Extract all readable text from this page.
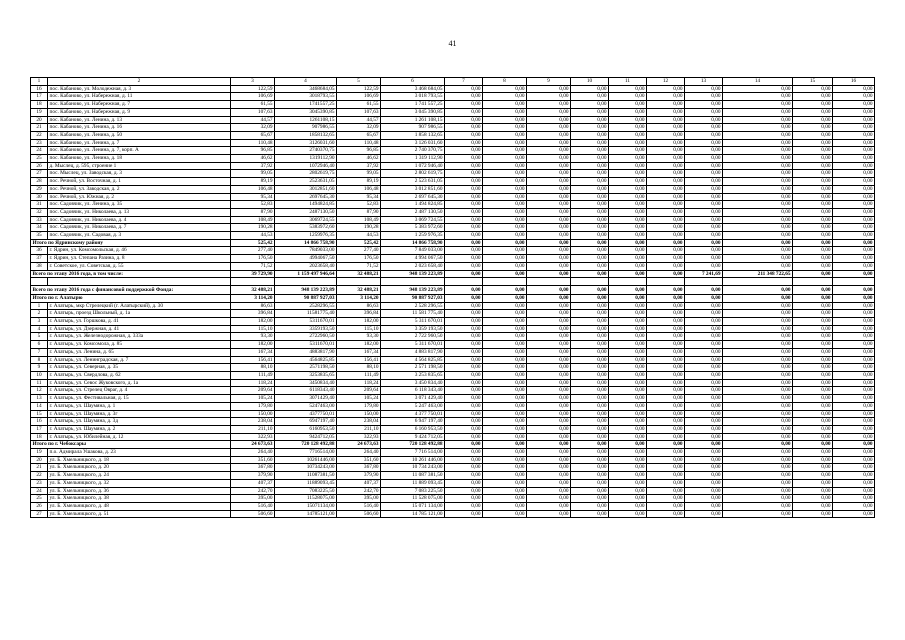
41
1	2	3	4	5	6	7	8	9	10	11	12	13	14	15	16
16	пос. Кабаново, ул. Молодежная, д. 3	122,59	3468684,05	122,59	3 468 684,05	0,00	0,00	0,00	0,00	0,00	0,00	0,00	0,00	0,00	0,00
17	пос. Кабаново, ул. Набережная, д. 11	106,69	3018793,55	106,69	3 018 793,55	0,00	0,00	0,00	0,00	0,00	0,00	0,00	0,00	0,00	0,00
18	пос. Кабаново, ул. Набережная, д. 7	61,55	1741557,25	61,55	1 741 557,25	0,00	0,00	0,00	0,00	0,00	0,00	0,00	0,00	0,00	0,00
19	пос. Кабаново, ул. Набережная, д. 9	107,63	3045390,85	107,63	3 045 390,85	0,00	0,00	0,00	0,00	0,00	0,00	0,00	0,00	0,00	0,00
20	пос. Кабаново, ул. Ленина, д. 13	44,57	1261108,15	44,57	1 261 108,15	0,00	0,00	0,00	0,00	0,00	0,00	0,00	0,00	0,00	0,00
21	пос. Кабаново, ул. Ленина, д. 16	32,09	907986,55	32,09	907 986,55	0,00	0,00	0,00	0,00	0,00	0,00	0,00	0,00	0,00	0,00
22	пос. Кабаново, ул. Ленина, д. 50	65,67	1858132,65	65,67	1 858 132,65	0,00	0,00	0,00	0,00	0,00	0,00	0,00	0,00	0,00	0,00
23	пос. Кабаново, ул. Ленина, д. 7	110,48	3126031,60	110,48	3 126 031,60	0,00	0,00	0,00	0,00	0,00	0,00	0,00	0,00	0,00	0,00
24	пос. Кабаново, ул. Ленина, д. 7, корп. А	96,85	2740370,75	96,85	2 740 370,75	0,00	0,00	0,00	0,00	0,00	0,00	0,00	0,00	0,00	0,00
25	пос. Кабаново, ул. Ленина, д. 18	46,62	1319112,90	46,62	1 319 112,90	0,00	0,00	0,00	0,00	0,00	0,00	0,00	0,00	0,00	0,00
26	д. Мыслец, д. 595, строение 1	37,92	1072946,40	37,92	1 072 946,40	0,00	0,00	0,00	0,00	0,00	0,00	0,00	0,00	0,00	0,00
27	пос. Мыслец, ул. Заводская, д. 3	99,05	2802619,75	99,05	2 802 619,75	0,00	0,00	0,00	0,00	0,00	0,00	0,00	0,00	0,00	0,00
28	пос. Речной, ул. Восточная, д. 1	89,19	2523631,05	89,19	2 523 631,05	0,00	0,00	0,00	0,00	0,00	0,00	0,00	0,00	0,00	0,00
29	пос. Речной, ул. Заводская, д. 2	106,48	3012851,60	106,48	3 012 851,60	0,00	0,00	0,00	0,00	0,00	0,00	0,00	0,00	0,00	0,00
30	пос. Речной, ул. Южная, д. 2	95,34	2697645,30	95,34	2 697 645,30	0,00	0,00	0,00	0,00	0,00	0,00	0,00	0,00	0,00	0,00
31	пос. Садовчик, ул. Ленина, д. 35	52,83	1494824,85	52,83	1 494 824,85	0,00	0,00	0,00	0,00	0,00	0,00	0,00	0,00	0,00	0,00
32	пос. Садовчик, ул. Николаева, д. 13	87,90	2487130,50	87,90	2 487 130,50	0,00	0,00	0,00	0,00	0,00	0,00	0,00	0,00	0,00	0,00
33	пос. Садовчик, ул. Николаева, д. 4	108,49	3069724,55	108,49	3 069 724,55	0,00	0,00	0,00	0,00	0,00	0,00	0,00	0,00	0,00	0,00
34	пос. Садовчик, ул. Николаева, д. 7	190,28	5383972,60	190,28	5 383 972,60	0,00	0,00	0,00	0,00	0,00	0,00	0,00	0,00	0,00	0,00
35	пос. Садовчик, ул. Садовая, д. 3	44,53	1259976,35	44,53	1 259 976,35	0,00	0,00	0,00	0,00	0,00	0,00	0,00	0,00	0,00	0,00
Итого по Ядринскому району		525,42	14 866 758,90	525,42	14 866 758,90	0,00	0,00	0,00	0,00	0,00	0,00	0,00	0,00	0,00	0,00
36	г. Ядрин, ул. Комсомольская, д. 46	277,40	7849033,00	277,40	7 849 033,00	0,00	0,00	0,00	0,00	0,00	0,00	0,00	0,00	0,00	0,00
37	г. Ядрин, ул. Степана Разина, д. 8	176,50	4994067,50	176,50	4 994 067,50	0,00	0,00	0,00	0,00	0,00	0,00	0,00	0,00	0,00	0,00
38	г. Советское, ул. Советская, д. 55	71,52	2023658,40	71,52	2 023 658,40	0,00	0,00	0,00	0,00	0,00	0,00	0,00	0,00	0,00	0,00
Всего по этапу 2016 года, в том числе:		39 729,90	1 159 497 946,64	32 488,21	948 139 223,89	0,00	0,00	0,00	0,00	0,00	0,00	7 241,69	211 348 722,65	0,00	0,00

Всего по этапу 2016 года с финансовой поддержкой Фонда:		32 488,21	948 139 223,89	32 488,21	948 139 223,89	0,00	0,00	0,00	0,00	0,00	0,00	0,00	0,00	0,00	0,00
Итого по г. Алатырю		3 114,20	90 887 927,03	3 114,20	90 887 927,03	0,00	0,00	0,00	0,00	0,00	0,00	0,00	0,00	0,00	0,00
1	г. Алатырь, мкр Стрелецкий (г. Алатырский), д. 30	86,63	2528296,55	86,63	2 528 296,55	0,00	0,00	0,00	0,00	0,00	0,00	0,00	0,00	0,00	0,00
2	г. Алатырь, проезд Школьный, д. 1а	396,84	11581775,40	396,84	11 581 775,40	0,00	0,00	0,00	0,00	0,00	0,00	0,00	0,00	0,00	0,00
3	г. Алатырь, ул. Горшкова, д. 41	182,00	5311670,01	182,00	5 311 670,01	0,00	0,00	0,00	0,00	0,00	0,00	0,00	0,00	0,00	0,00
4	г. Алатырь, ул. Дзержная, д. 41	115,10	3359193,50	115,10	3 359 193,50	0,00	0,00	0,00	0,00	0,00	0,00	0,00	0,00	0,00	0,00
5	г. Алатырь, ул. Железнодорожная, д. 333а	93,30	2722960,50	93,30	2 722 960,50	0,00	0,00	0,00	0,00	0,00	0,00	0,00	0,00	0,00	0,00
6	г. Алатырь, ул. Комсомола, д. 85	182,00	5311670,01	182,00	5 311 670,01	0,00	0,00	0,00	0,00	0,00	0,00	0,00	0,00	0,00	0,00
7	г. Алатырь, ул. Ленина, д. 65	167,34	4883817,90	167,34	4 883 817,90	0,00	0,00	0,00	0,00	0,00	0,00	0,00	0,00	0,00	0,00
8	г. Алатырь, ул. Ленинградская, д. 7	156,41	4564825,85	156,41	4 564 825,85	0,00	0,00	0,00	0,00	0,00	0,00	0,00	0,00	0,00	0,00
9	г. Алатырь, ул. Северная, д. 35	88,10	2571198,50	88,10	2 571 198,50	0,00	0,00	0,00	0,00	0,00	0,00	0,00	0,00	0,00	0,00
10	г. Алатырь, ул. Свердлова, д. 62	111,49	3253835,65	111,49	3 253 835,65	0,00	0,00	0,00	0,00	0,00	0,00	0,00	0,00	0,00	0,00
11	г. Алатырь, ул. Севос Жуковского, д. 1а	118,24	3450834,40	118,24	3 450 834,40	0,00	0,00	0,00	0,00	0,00	0,00	0,00	0,00	0,00	0,00
12	г. Алатырь, ул. Стрелец Овраг, д. 4	209,64	6118343,40	209,64	6 118 343,40	0,00	0,00	0,00	0,00	0,00	0,00	0,00	0,00	0,00	0,00
13	г. Алатырь, ул. Фестивальная, д. 15	105,24	3071429,40	105,24	3 071 429,40	0,00	0,00	0,00	0,00	0,00	0,00	0,00	0,00	0,00	0,00
14	г. Алатырь, ул. Шаумяна, д. 1	179,80	5247463,00	179,80	5 247 463,00	0,00	0,00	0,00	0,00	0,00	0,00	0,00	0,00	0,00	0,00
15	г. Алатырь, ул. Шаумяна, д. 3г	150,00	4377750,01	150,00	4 377 750,01	0,00	0,00	0,00	0,00	0,00	0,00	0,00	0,00	0,00	0,00
16	г. Алатырь, ул. Шаумяна, д. 3д	238,04	6947197,40	238,04	6 947 197,40	0,00	0,00	0,00	0,00	0,00	0,00	0,00	0,00	0,00	0,00
17	г. Алатырь, ул. Шаумяна, д. 2	211,10	6160953,50	211,10	6 160 953,50	0,00	0,00	0,00	0,00	0,00	0,00	0,00	0,00	0,00	0,00
18	г. Алатырь, ул. Юбилейная, д. 12	322,93	9424712,05	322,93	9 424 712,05	0,00	0,00	0,00	0,00	0,00	0,00	0,00	0,00	0,00	0,00
Итого по г. Чебоксары		24 673,63	720 128 492,88	24 673,63	720 128 492,88	0,00	0,00	0,00	0,00	0,00	0,00	0,00	0,00	0,00	0,00
19	п.о. Адмирала Ушакова, д. 23	264,40	7716514,00	264,40	7 716 514,00	0,00	0,00	0,00	0,00	0,00	0,00	0,00	0,00	0,00	0,00
20	ул. Б. Хмельницкого, д. 18	351,60	10261446,00	351,60	10 261 446,00	0,00	0,00	0,00	0,00	0,00	0,00	0,00	0,00	0,00	0,00
21	ул. Б. Хмельницкого, д. 20	367,80	10734243,00	367,80	10 734 243,00	0,00	0,00	0,00	0,00	0,00	0,00	0,00	0,00	0,00	0,00
22	ул. Б. Хмельницкого, д. 24	379,90	11087381,50	379,90	11 087 381,50	0,00	0,00	0,00	0,00	0,00	0,00	0,00	0,00	0,00	0,00
23	ул. Б. Хмельницкого, д. 32	407,37	11889093,45	407,37	11 889 093,45	0,00	0,00	0,00	0,00	0,00	0,00	0,00	0,00	0,00	0,00
24	ул. Б. Хмельницкого, д. 36	242,70	7083225,50	242,70	7 083 225,50	0,00	0,00	0,00	0,00	0,00	0,00	0,00	0,00	0,00	0,00
25	ул. Б. Хмельницкого, д. 38	395,00	11528075,00	395,00	11 528 075,00	0,00	0,00	0,00	0,00	0,00	0,00	0,00	0,00	0,00	0,00
26	ул. Б. Хмельницкого, д. 48	516,40	15071134,00	516,40	15 071 134,00	0,00	0,00	0,00	0,00	0,00	0,00	0,00	0,00	0,00	0,00
27	ул. Б. Хмельницкого, д. 51	506,60	14785121,00	506,60	14 785 121,00	0,00	0,00	0,00	0,00	0,00	0,00	0,00	0,00	0,00	0,00
